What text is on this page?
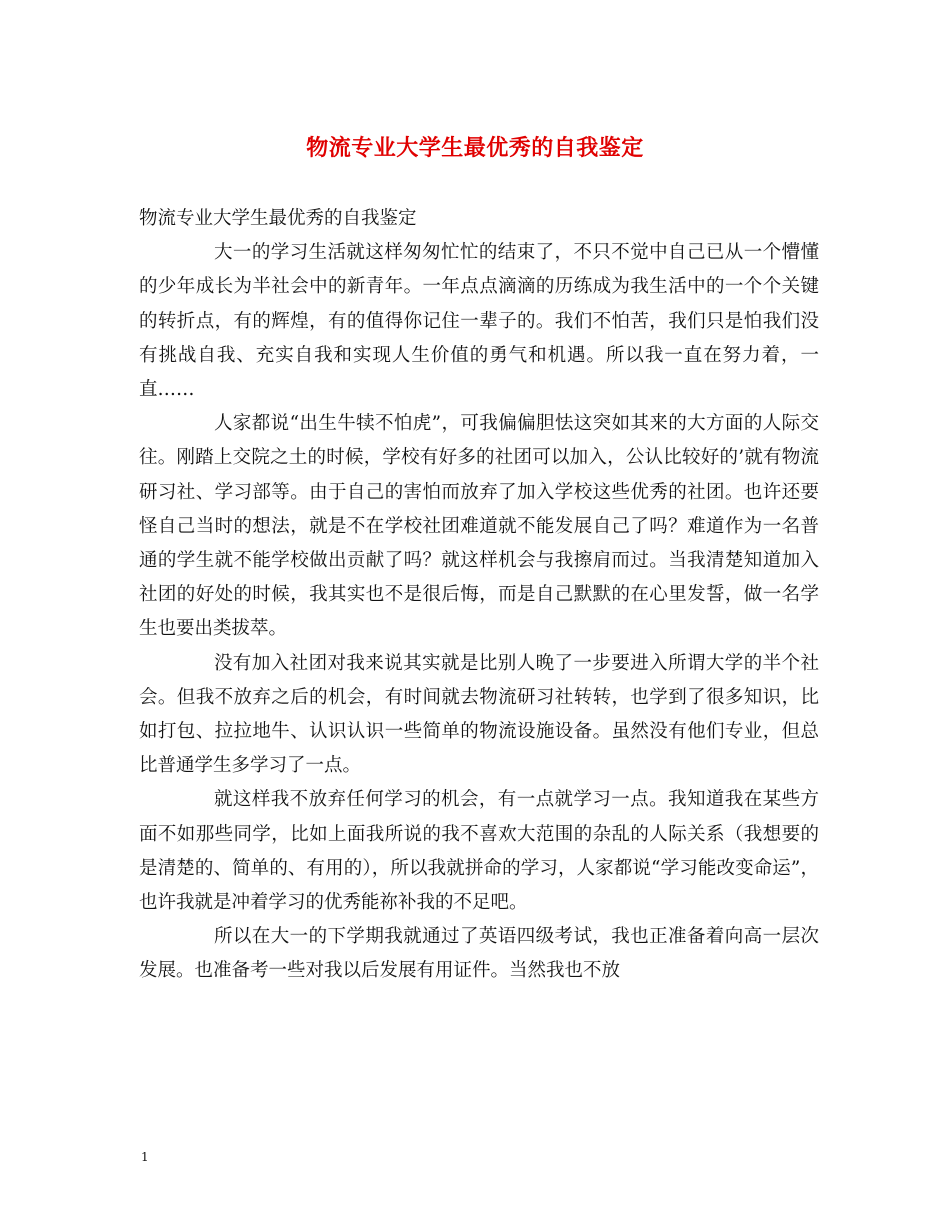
物流专业大学生最优秀的自我鉴定

物流专业大学生最优秀的自我鉴定

大一的学习生活就这样匆匆忙忙的结束了，不只不觉中自己已从一个懵懂的少年成长为半社会中的新青年。一年点点滴滴的历练成为我生活中的一个个关键的转折点，有的辉煌，有的值得你记住一辈子的。我们不怕苦，我们只是怕我们没有挑战自我、充实自我和实现人生价值的勇气和机遇。所以我一直在努力着，一直……

人家都说“出生牛犊不怕虎”，可我偏偏胆怯这突如其来的大方面的人际交往。刚踏上交院之土的时候，学校有好多的社团可以加入，公认比较好的’就有物流研习社、学习部等。由于自己的害怕而放弃了加入学校这些优秀的社团。也许还要怪自己当时的想法，就是不在学校社团难道就不能发展自己了吗？难道作为一名普通的学生就不能学校做出贡献了吗？就这样机会与我擦肩而过。当我清楚知道加入社团的好处的时候，我其实也不是很后悔，而是自己默默的在心里发誓，做一名学生也要出类拔萃。

没有加入社团对我来说其实就是比别人晚了一步要进入所谓大学的半个社会。但我不放弃之后的机会，有时间就去物流研习社转转，也学到了很多知识，比如打包、拉拉地牛、认识认识一些简单的物流设施设备。虽然没有他们专业，但总比普通学生多学习了一点。

就这样我不放弃任何学习的机会，有一点就学习一点。我知道我在某些方面不如那些同学，比如上面我所说的我不喜欢大范围的杂乱的人际关系（我想要的是清楚的、简单的、有用的），所以我就拼命的学习，人家都说“学习能改变命运”，也许我就是冲着学习的优秀能祢补我的不足吧。

所以在大一的下学期我就通过了英语四级考试，我也正准备着向高一层次发展。也准备考一些对我以后发展有用证件。当然我也不放

1
